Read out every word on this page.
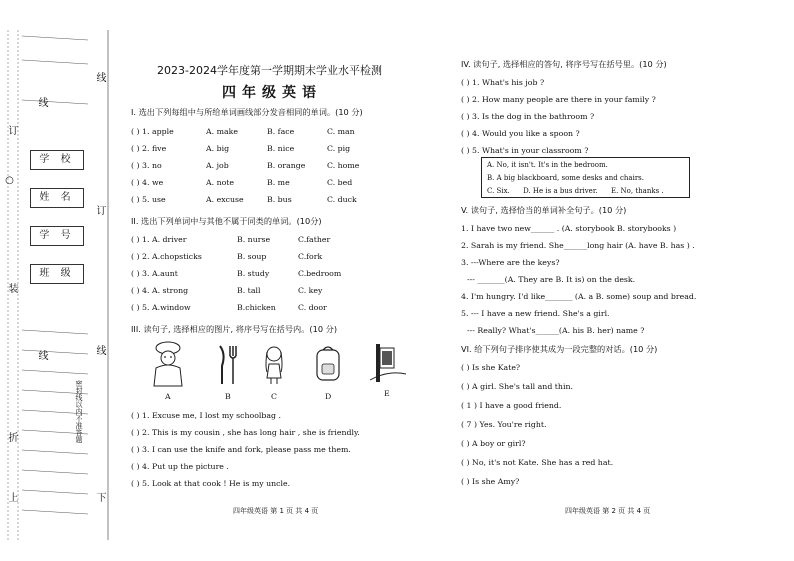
线
订
○
装
线
折
上
线
订
线
下
学 校
姓 名
学 号
班 级
密封线以内不准答题
2023-2024学年度第一学期期末学业水平检测
四年级英语
I. 选出下列每组中与所给单词画线部分发音相同的单词。(10 分)
( ) 1. apple	A. make	B. face	C. man
( ) 2. five	A. big	B. nice	C. pig
( ) 3. no	A. job	B. orange	C. home
( ) 4. we	A. note	B. me	C. bed
( ) 5. use	A. excuse	B. bus	C. duck
II. 选出下列单词中与其他不属于同类的单词。(10分)
( ) 1. A. driver	B. nurse	C.father
( ) 2. A.chopsticks	B. soup	C.fork
( ) 3. A.aunt	B. study	C.bedroom
( ) 4. A. strong	B. tall	C. key
( ) 5. A.window	B.chicken	C. door
III. 读句子, 选择相应的图片, 将序号写在括号内。(10 分)
A	B	C	D	E
( ) 1. Excuse me, I lost my schoolbag .
( ) 2. This is my cousin , she has long hair , she is friendly.
( ) 3. I can use the knife and fork, please pass me them.
( ) 4. Put up the picture .
( ) 5. Look at that cook ! He is my uncle.
四年级英语 第 1 页 共 4 页
IV. 读句子, 选择相应的答句, 将序号写在括号里。(10 分)
( ) 1. What's his job ?
( ) 2. How many people are there in your family ?
( ) 3. Is the dog in the bathroom ?
( ) 4. Would you like a spoon ?
( ) 5. What's in your classroom ?
A. No, it isn't. It's in the bedroom.
B. A big blackboard, some desks and chairs.
C. Six.      D. He is a bus driver.      E. No, thanks .
V. 读句子, 选择恰当的单词补全句子。(10 分)
1. I have two new______ . (A. storybook B. storybooks )
2. Sarah is my friend. She______long hair (A. have B. has ) .
3. ---Where are the keys?
--- _______(A. They are B. It is) on the desk.
4. I'm hungry. I'd like_______ (A. a B. some) soup and bread.
5. --- I have a new friend. She's a girl.
--- Really? What's______(A. his B. her) name ?
VI. 给下列句子排序使其成为一段完整的对话。(10 分)
( ) Is she Kate?
( ) A girl. She's tall and thin.
( 1 ) I have a good friend.
( 7 ) Yes. You're right.
( ) A boy or girl?
( ) No, it's not Kate. She has a red hat.
( ) Is she Amy?
四年级英语 第 2 页 共 4 页
